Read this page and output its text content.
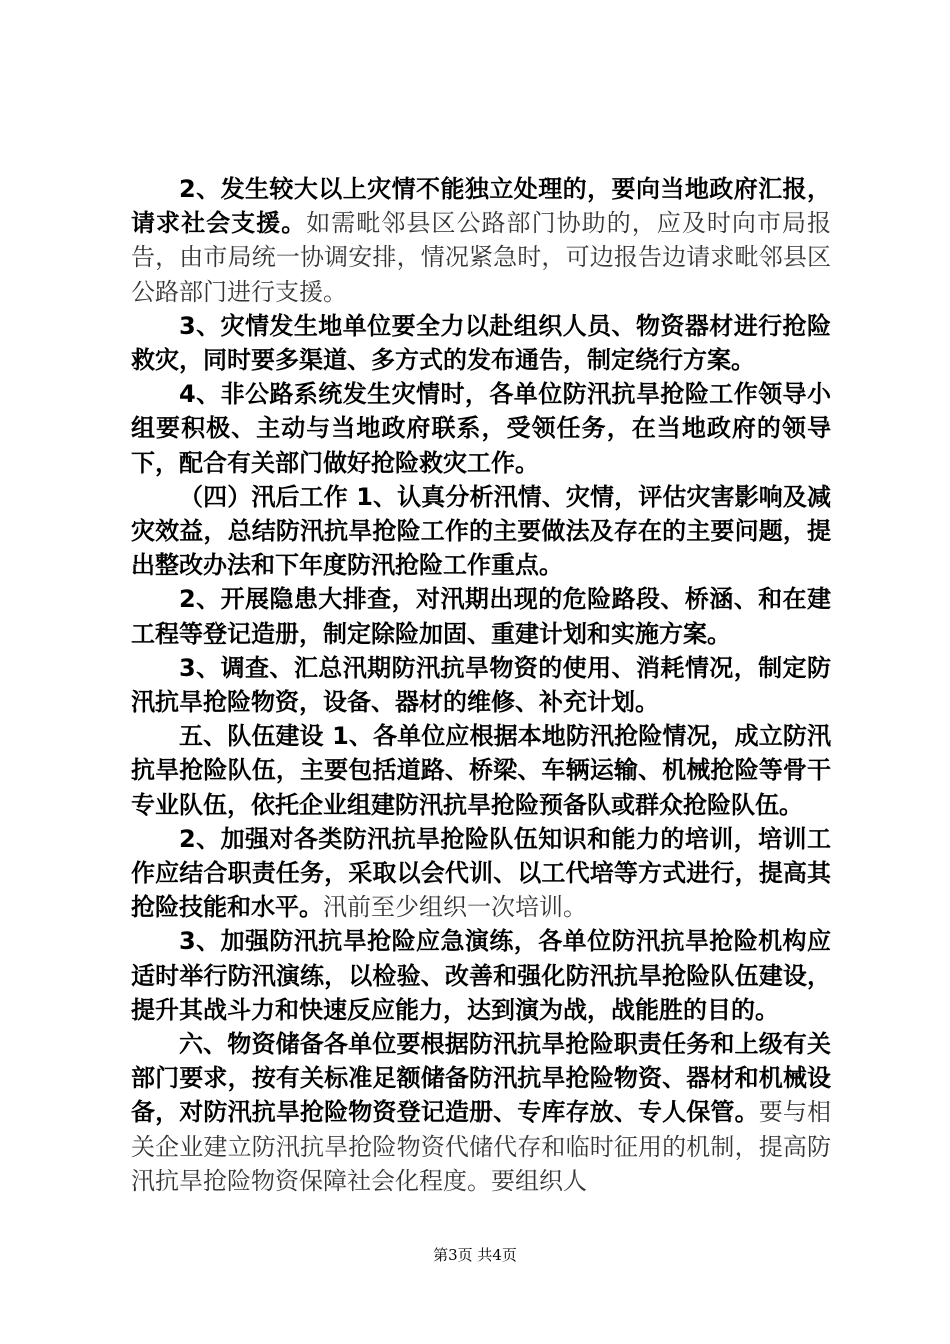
2、发生较大以上灾情不能独立处理的，要向当地政府汇报，请求社会支援。如需毗邻县区公路部门协助的，应及时向市局报告，由市局统一协调安排，情况紧急时，可边报告边请求毗邻县区公路部门进行支援。

3、灾情发生地单位要全力以赴组织人员、物资器材进行抢险救灾，同时要多渠道、多方式的发布通告，制定绕行方案。

4、非公路系统发生灾情时，各单位防汛抗旱抢险工作领导小组要积极、主动与当地政府联系，受领任务，在当地政府的领导下，配合有关部门做好抢险救灾工作。

（四）汛后工作 1、认真分析汛情、灾情，评估灾害影响及减灾效益，总结防汛抗旱抢险工作的主要做法及存在的主要问题，提出整改办法和下年度防汛抢险工作重点。

2、开展隐患大排查，对汛期出现的危险路段、桥涵、和在建工程等登记造册，制定除险加固、重建计划和实施方案。

3、调查、汇总汛期防汛抗旱物资的使用、消耗情况，制定防汛抗旱抢险物资，设备、器材的维修、补充计划。

五、队伍建设 1、各单位应根据本地防汛抢险情况，成立防汛抗旱抢险队伍，主要包括道路、桥梁、车辆运输、机械抢险等骨干专业队伍，依托企业组建防汛抗旱抢险预备队或群众抢险队伍。

2、加强对各类防汛抗旱抢险队伍知识和能力的培训，培训工作应结合职责任务，采取以会代训、以工代培等方式进行，提高其抢险技能和水平。汛前至少组织一次培训。

3、加强防汛抗旱抢险应急演练，各单位防汛抗旱抢险机构应适时举行防汛演练，以检验、改善和强化防汛抗旱抢险队伍建设，提升其战斗力和快速反应能力，达到演为战，战能胜的目的。

六、物资储备各单位要根据防汛抗旱抢险职责任务和上级有关部门要求，按有关标准足额储备防汛抗旱抢险物资、器材和机械设备，对防汛抗旱抢险物资登记造册、专库存放、专人保管。要与相关企业建立防汛抗旱抢险物资代储代存和临时征用的机制，提高防汛抗旱抢险物资保障社会化程度。要组织人

第3页 共4页
